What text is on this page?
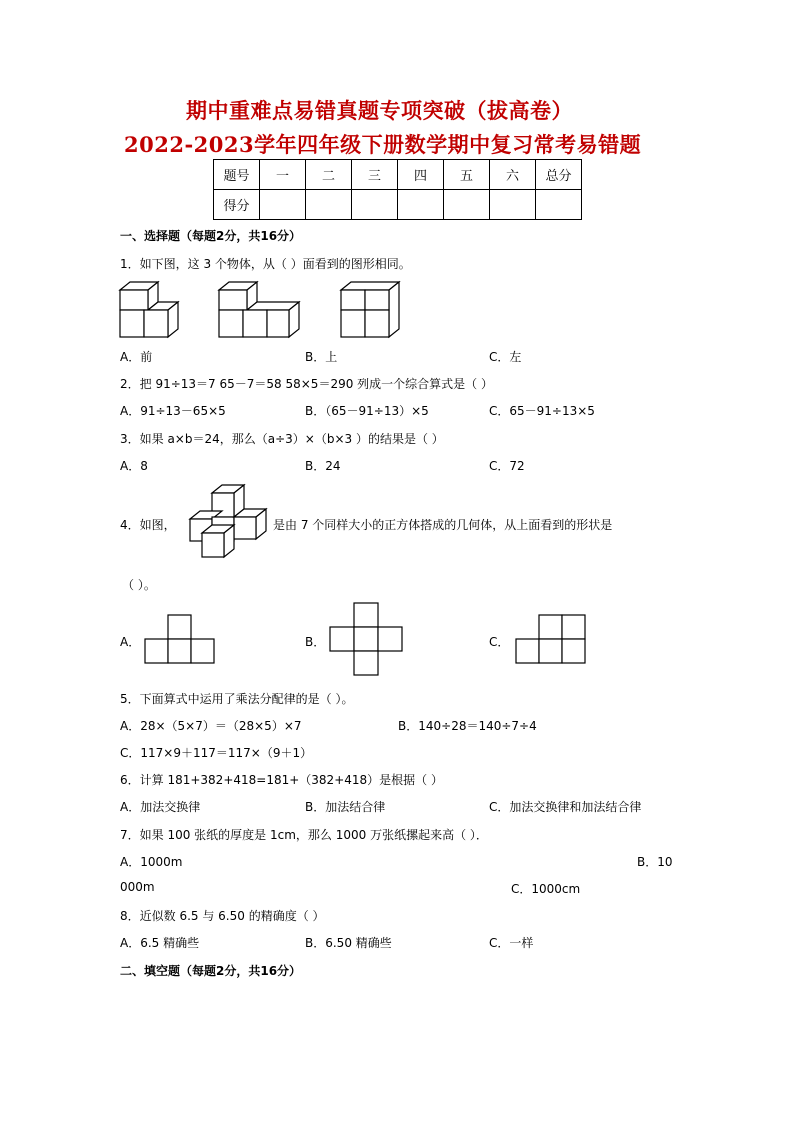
期中重难点易错真题专项突破（拔高卷）
2022-2023学年四年级下册数学期中复习常考易错题
题号	一	二	三	四	五	六	总分
得分							
一、选择题（每题2分，共16分）
1．如下图，这 3 个物体，从（ ）面看到的图形相同。
A．前	B．上	C．左
2．把 91÷13＝7 65－7＝58 58×5＝290 列成一个综合算式是（ ）
A．91÷13－65×5	B．（65－91÷13）×5	C．65－91÷13×5
3．如果 a×b＝24，那么（a÷3）×（b×3 ）的结果是（ ）
A．8	B．24	C．72
4．如图，	是由 7 个同样大小的正方体搭成的几何体，从上面看到的形状是
（ ）。
A．	B．	C．
5．下面算式中运用了乘法分配律的是（ ）。
A．28×（5×7）＝（28×5）×7	B．140÷28＝140÷7÷4
C．117×9＋117＝117×（9＋1）
6．计算 181+382+418=181+（382+418）是根据（ ）
A．加法交换律	B．加法结合律	C．加法交换律和加法结合律
7．如果 100 张纸的厚度是 1cm，那么 1000 万张纸摞起来高（ ）．
A．1000m	B．10
000m	C．1000cm
8．近似数 6.5 与 6.50 的精确度（ ）
A．6.5 精确些	B．6.50 精确些	C．一样
二、填空题（每题2分，共16分）
